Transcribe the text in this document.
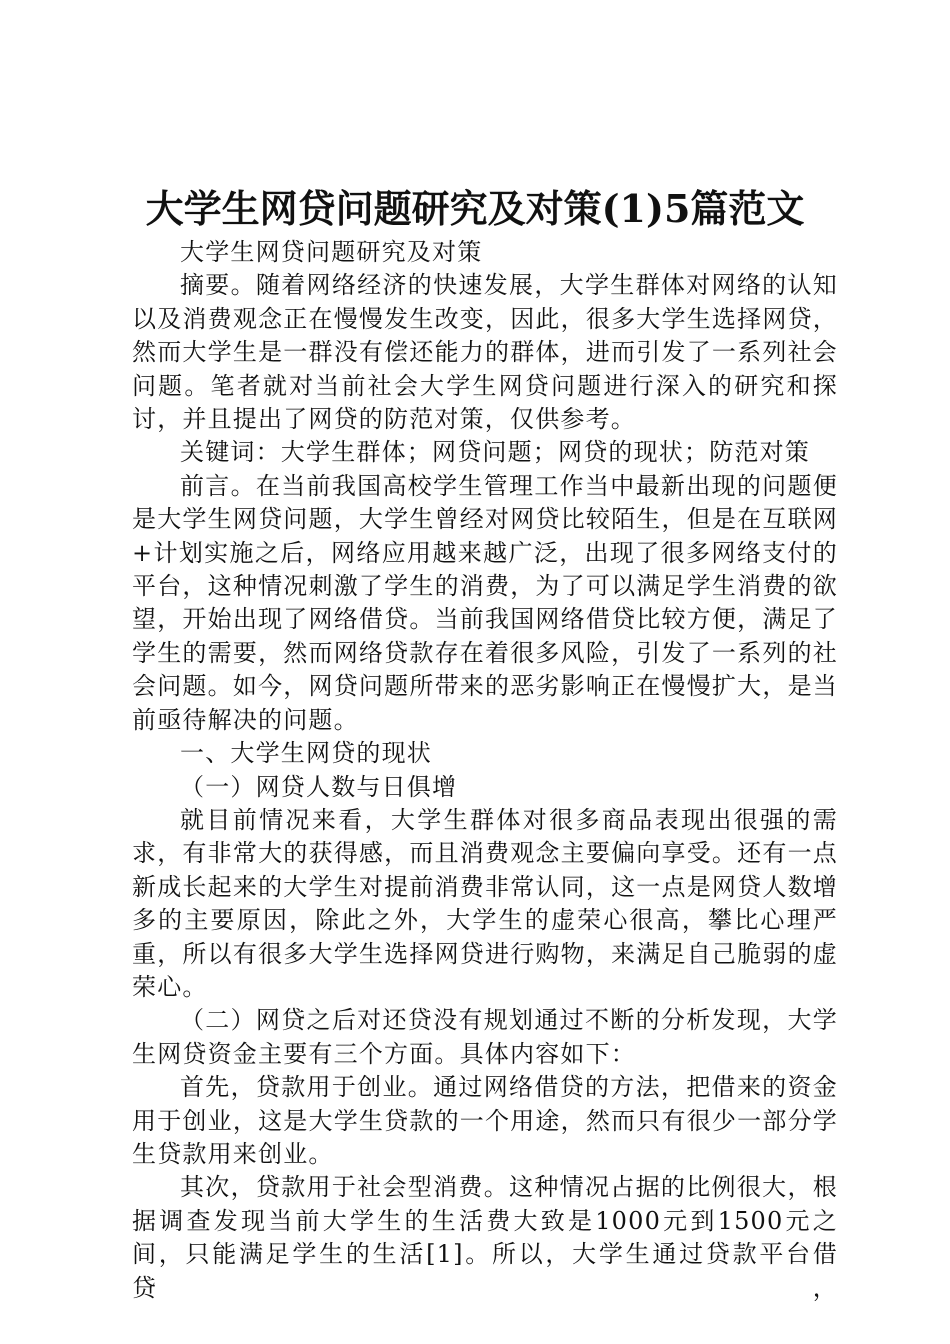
大学生网贷问题研究及对策(1)5篇范文

大学生网贷问题研究及对策

摘要。随着网络经济的快速发展，大学生群体对网络的认知以及消费观念正在慢慢发生改变，因此，很多大学生选择网贷，然而大学生是一群没有偿还能力的群体，进而引发了一系列社会问题。笔者就对当前社会大学生网贷问题进行深入的研究和探讨，并且提出了网贷的防范对策，仅供参考。

关键词：大学生群体；网贷问题；网贷的现状；防范对策

前言。在当前我国高校学生管理工作当中最新出现的问题便是大学生网贷问题，大学生曾经对网贷比较陌生，但是在互联网+计划实施之后，网络应用越来越广泛，出现了很多网络支付的平台，这种情况刺激了学生的消费，为了可以满足学生消费的欲望，开始出现了网络借贷。当前我国网络借贷比较方便，满足了学生的需要，然而网络贷款存在着很多风险，引发了一系列的社会问题。如今，网贷问题所带来的恶劣影响正在慢慢扩大，是当前亟待解决的问题。

一、大学生网贷的现状

（一）网贷人数与日俱增

就目前情况来看，大学生群体对很多商品表现出很强的需求，有非常大的获得感，而且消费观念主要偏向享受。还有一点新成长起来的大学生对提前消费非常认同，这一点是网贷人数增多的主要原因，除此之外，大学生的虚荣心很高，攀比心理严重，所以有很多大学生选择网贷进行购物，来满足自己脆弱的虚荣心。

（二）网贷之后对还贷没有规划通过不断的分析发现，大学生网贷资金主要有三个方面。具体内容如下：

首先，贷款用于创业。通过网络借贷的方法，把借来的资金用于创业，这是大学生贷款的一个用途，然而只有很少一部分学生贷款用来创业。

其次，贷款用于社会型消费。这种情况占据的比例很大，根据调查发现当前大学生的生活费大致是1000元到1500元之间，只能满足学生的生活[1]。所以，大学生通过贷款平台借贷，
